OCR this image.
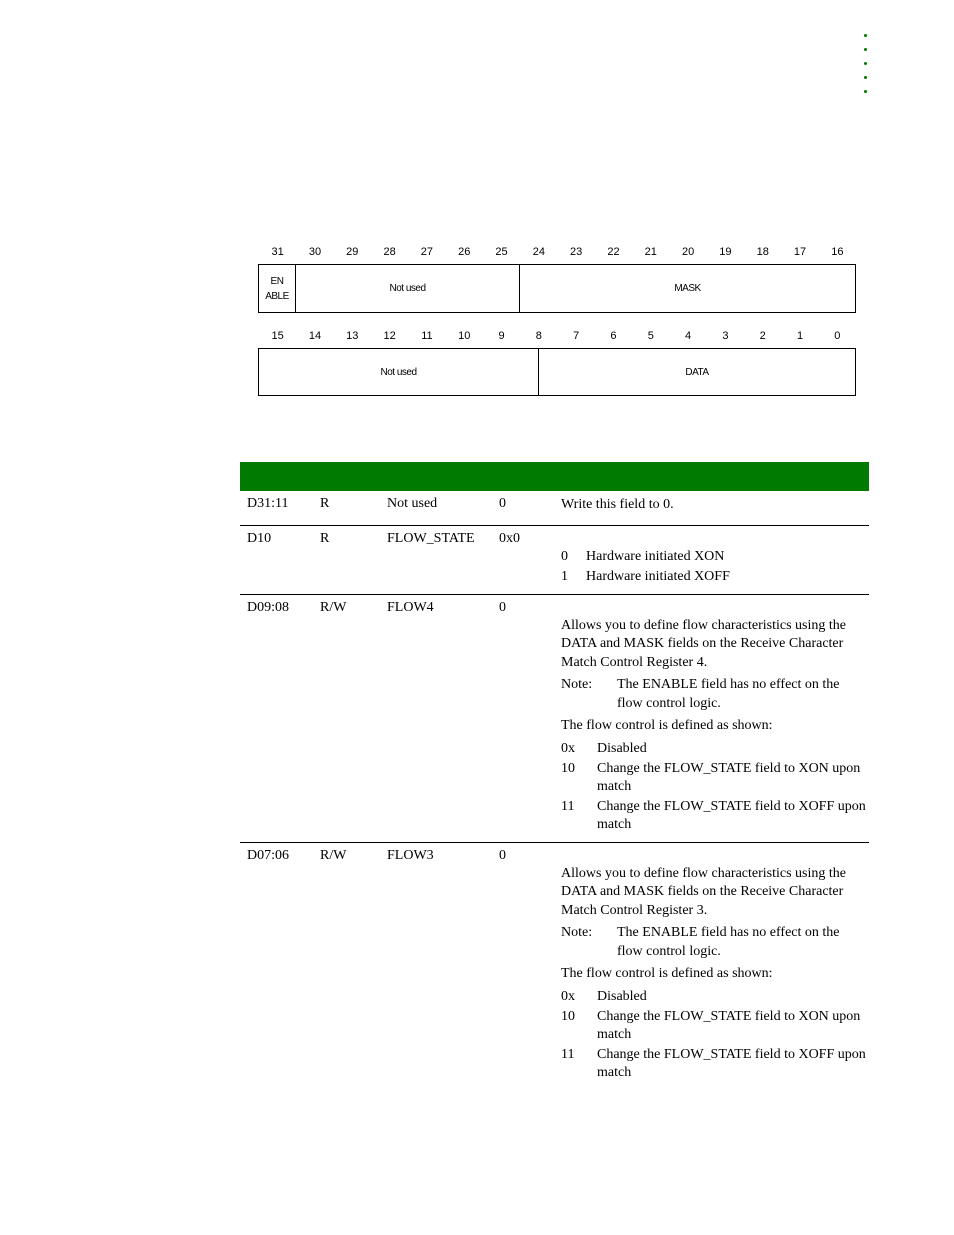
31	30	29	28	27	26	25	24	23	22	21	20	19	18	17	16
EN
ABLE
Not used	MASK
15	14	13	12	11	10	9	8	7	6	5	4	3	2	1	0
Not used	DATA
D31:11 R	Not used	0	Write this field to 0.

D10	R	FLOW_STATE 0x0
0	Hardware initiated XON
1	Hardware initiated XOFF
D09:08 R/W	FLOW4	0

Allows you to define flow characteristics using the DATA and MASK fields on the Receive Character Match Control Register 4.

Note:	The ENABLE field has no effect on the flow control logic.

The flow control is defined as shown:

0x	Disabled
10	Change the FLOW_STATE field to XON upon match
11	Change the FLOW_STATE field to XOFF upon match
D07:06 R/W	FLOW3	0

Allows you to define flow characteristics using the DATA and MASK fields on the Receive Character Match Control Register 3.

Note:	The ENABLE field has no effect on the flow control logic.

The flow control is defined as shown:

0x	Disabled
10	Change the FLOW_STATE field to XON upon match
11	Change the FLOW_STATE field to XOFF upon match
